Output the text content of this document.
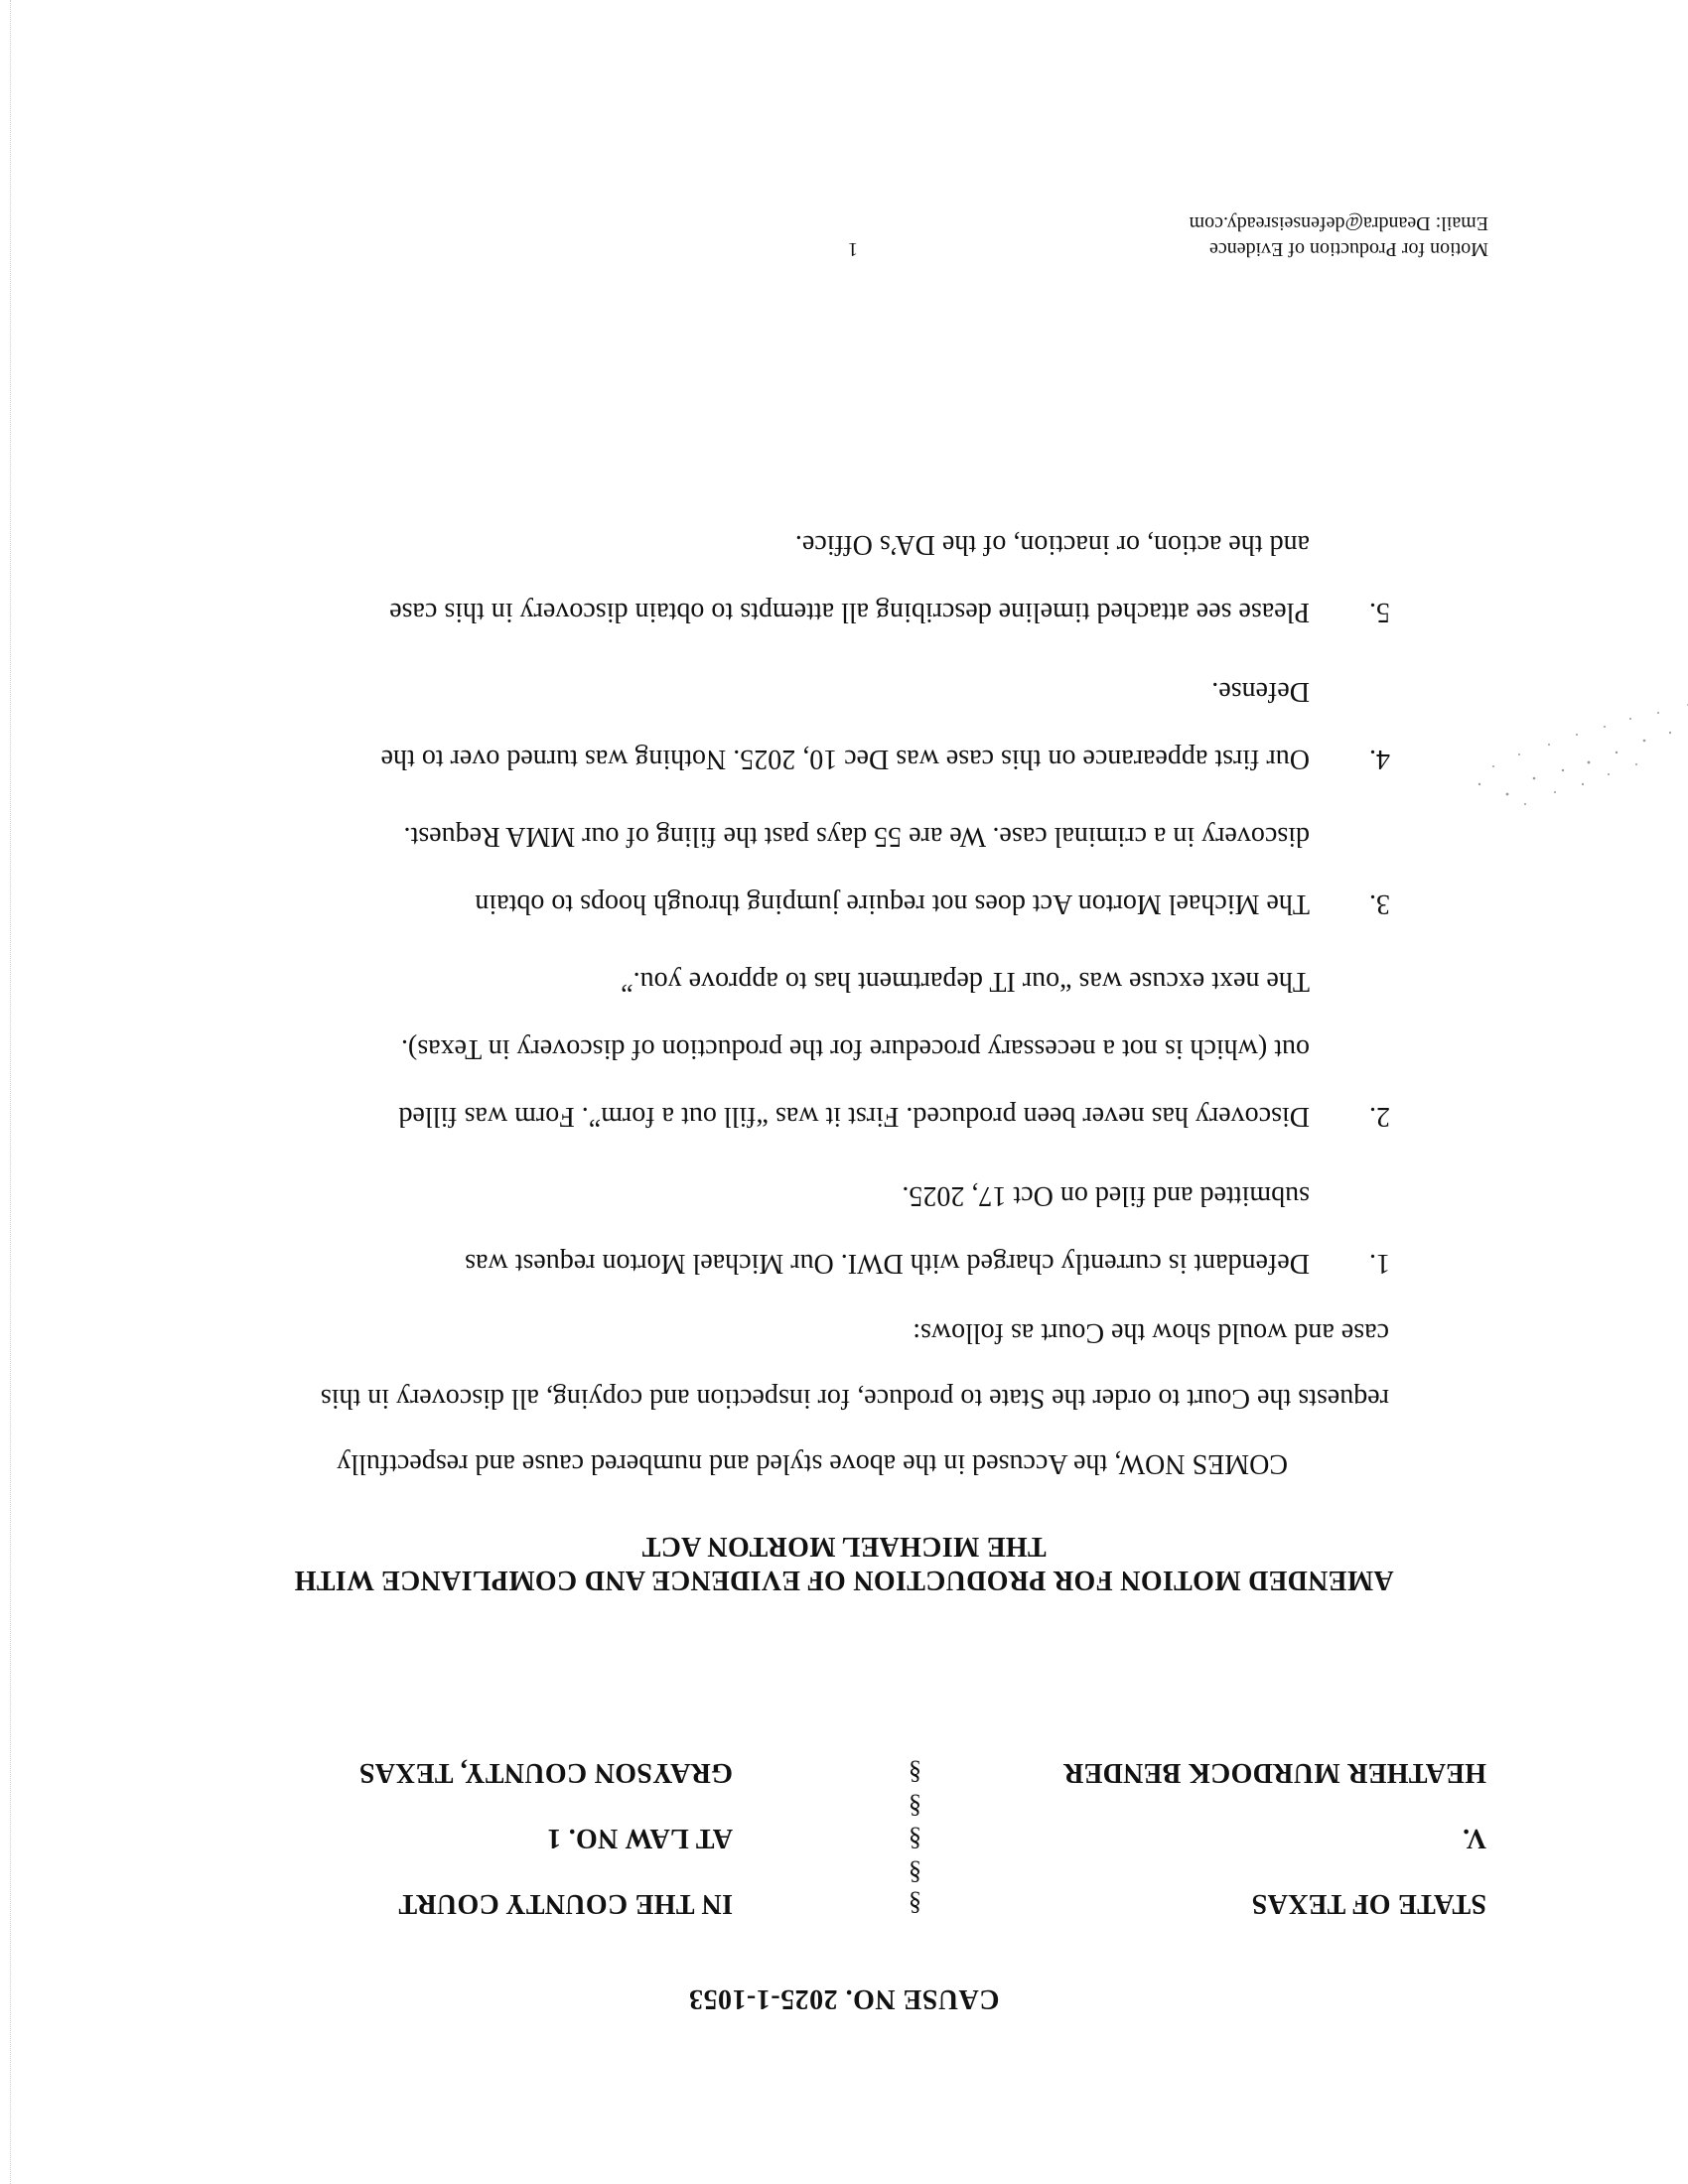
CAUSE NO. 2025-1-1053
STATE OF TEXAS
V.
HEATHER MURDOCK BENDER
§
§
§
§
§
IN THE COUNTY COURT
AT LAW NO. 1
GRAYSON COUNTY, TEXAS
AMENDED MOTION FOR PRODUCTION OF EVIDENCE AND COMPLIANCE WITH
THE MICHAEL MORTON ACT
COMES NOW, the Accused in the above styled and numbered cause and respectfully
requests the Court to order the State to produce, for inspection and copying, all discovery in this
case and would show the Court as follows:
1.
Defendant is currently charged with DWI. Our Michael Morton request was
submitted and filed on Oct 17, 2025.
2.
Discovery has never been produced. First it was “fill out a form”. Form was filled
out (which is not a necessary procedure for the production of discovery in Texas).
The next excuse was “our IT department has to approve you.”
3.
The Michael Morton Act does not require jumping through hoops to obtain
discovery in a criminal case. We are 55 days past the filing of our MMA Request.
4.
Our first appearance on this case was Dec 10, 2025. Nothing was turned over to the
Defense.
5.
Please see attached timeline describing all attempts to obtain discovery in this case
and the action, or inaction, of the DA’s Office.
Motion for Production of Evidence
1
Email: Deandra@defenseisready.com
